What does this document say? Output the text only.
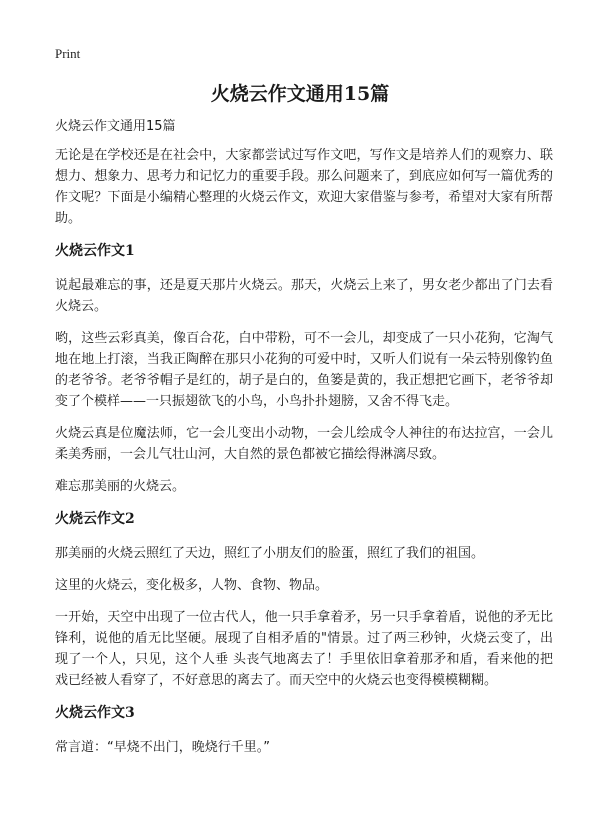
Print
火烧云作文通用15篇

火烧云作文通用15篇

无论是在学校还是在社会中，大家都尝试过写作文吧，写作文是培养人们的观察力、联想力、想象力、思考力和记忆力的重要手段。那么问题来了，到底应如何写一篇优秀的作文呢？下面是小编精心整理的火烧云作文，欢迎大家借鉴与参考，希望对大家有所帮助。

火烧云作文1

说起最难忘的事，还是夏天那片火烧云。那天，火烧云上来了，男女老少都出了门去看火烧云。

哟，这些云彩真美，像百合花，白中带粉，可不一会儿，却变成了一只小花狗，它淘气地在地上打滚，当我正陶醉在那只小花狗的可爱中时，又听人们说有一朵云特别像钓鱼的老爷爷。老爷爷帽子是红的，胡子是白的，鱼篓是黄的，我正想把它画下，老爷爷却变了个模样——一只振翅欲飞的小鸟，小鸟扑扑翅膀，又舍不得飞走。

火烧云真是位魔法师，它一会儿变出小动物，一会儿绘成令人神往的布达拉宫，一会儿柔美秀丽，一会儿气壮山河，大自然的景色都被它描绘得淋漓尽致。

难忘那美丽的火烧云。

火烧云作文2

那美丽的火烧云照红了天边，照红了小朋友们的脸蛋，照红了我们的祖国。

这里的火烧云，变化极多，人物、食物、物品。

一开始，天空中出现了一位古代人，他一只手拿着矛，另一只手拿着盾，说他的矛无比锋利，说他的盾无比坚硬。展现了自相矛盾的"情景。过了两三秒钟，火烧云变了，出现了一个人，只见，这个人垂 头丧气地离去了！手里依旧拿着那矛和盾，看来他的把戏已经被人看穿了，不好意思的离去了。而天空中的火烧云也变得模模糊糊。

火烧云作文3

常言道：“早烧不出门，晚烧行千里。”
